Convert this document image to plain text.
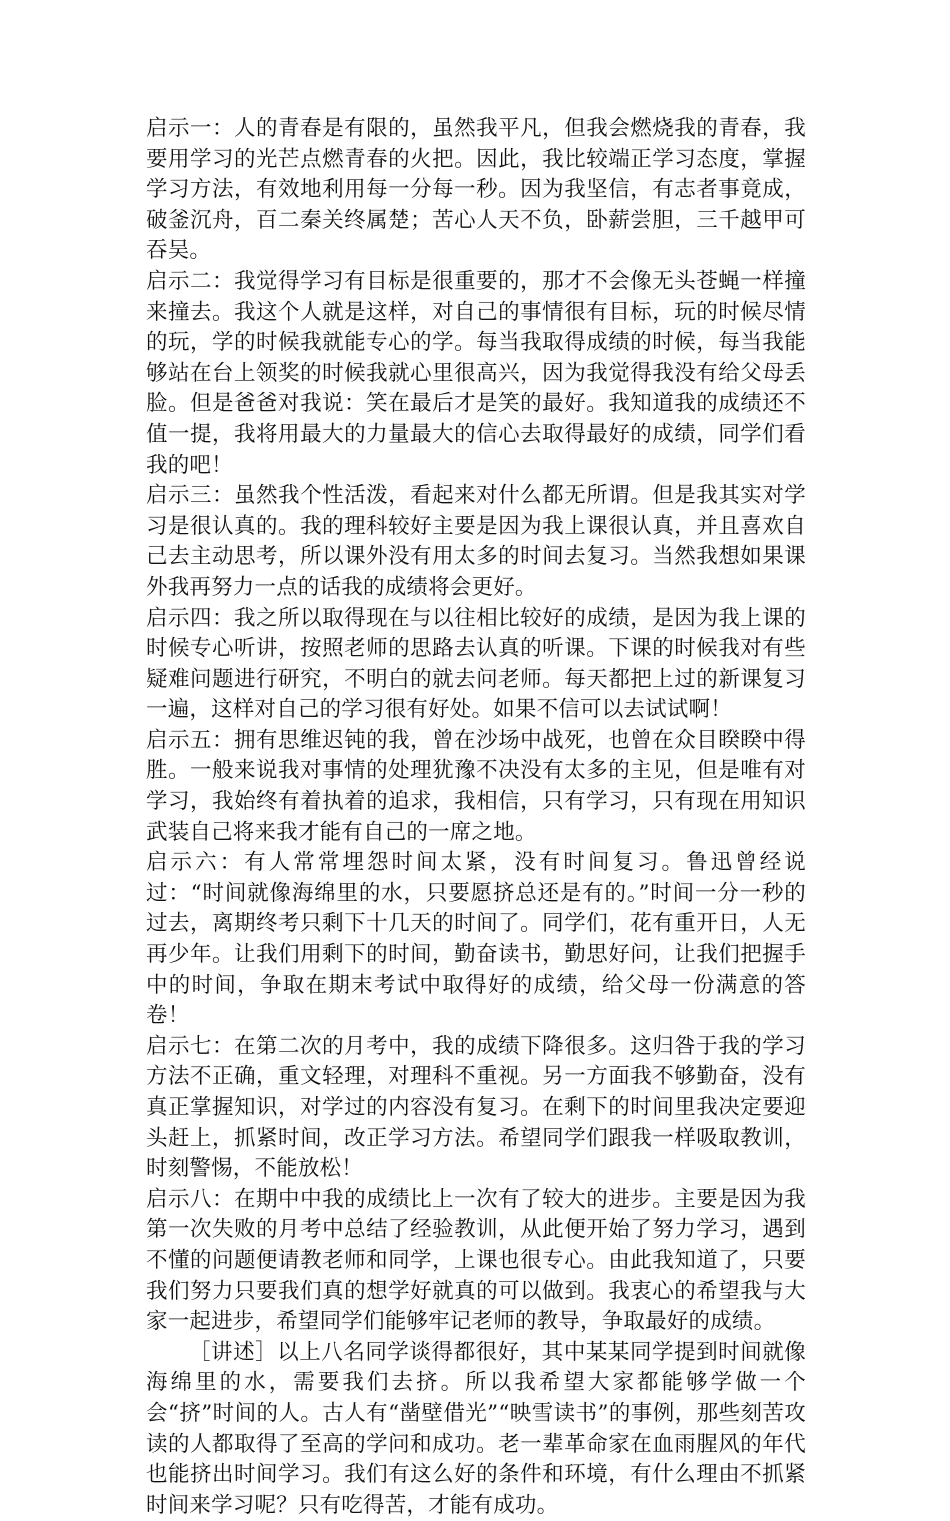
启示一：人的青春是有限的，虽然我平凡，但我会燃烧我的青春，我要用学习的光芒点燃青春的火把。因此，我比较端正学习态度，掌握学习方法，有效地利用每一分每一秒。因为我坚信，有志者事竟成，破釜沉舟，百二秦关终属楚；苦心人天不负，卧薪尝胆，三千越甲可吞吴。

启示二：我觉得学习有目标是很重要的，那才不会像无头苍蝇一样撞来撞去。我这个人就是这样，对自己的事情很有目标，玩的时候尽情的玩，学的时候我就能专心的学。每当我取得成绩的时候，每当我能够站在台上领奖的时候我就心里很高兴，因为我觉得我没有给父母丢脸。但是爸爸对我说：笑在最后才是笑的最好。我知道我的成绩还不值一提，我将用最大的力量最大的信心去取得最好的成绩，同学们看我的吧！

启示三：虽然我个性活泼，看起来对什么都无所谓。但是我其实对学习是很认真的。我的理科较好主要是因为我上课很认真，并且喜欢自己去主动思考，所以课外没有用太多的时间去复习。当然我想如果课外我再努力一点的话我的成绩将会更好。

启示四：我之所以取得现在与以往相比较好的成绩，是因为我上课的时候专心听讲，按照老师的思路去认真的听课。下课的时候我对有些疑难问题进行研究，不明白的就去问老师。每天都把上过的新课复习一遍，这样对自己的学习很有好处。如果不信可以去试试啊！

启示五：拥有思维迟钝的我，曾在沙场中战死，也曾在众目睽睽中得胜。一般来说我对事情的处理犹豫不决没有太多的主见，但是唯有对学习，我始终有着执着的追求，我相信，只有学习，只有现在用知识武装自己将来我才能有自己的一席之地。

启示六：有人常常埋怨时间太紧，没有时间复习。鲁迅曾经说过：“时间就像海绵里的水，只要愿挤总还是有的。”时间一分一秒的过去，离期终考只剩下十几天的时间了。同学们，花有重开日，人无再少年。让我们用剩下的时间，勤奋读书，勤思好问，让我们把握手中的时间，争取在期末考试中取得好的成绩，给父母一份满意的答卷！

启示七：在第二次的月考中，我的成绩下降很多。这归咎于我的学习方法不正确，重文轻理，对理科不重视。另一方面我不够勤奋，没有真正掌握知识，对学过的内容没有复习。在剩下的时间里我决定要迎头赶上，抓紧时间，改正学习方法。希望同学们跟我一样吸取教训，时刻警惕，不能放松！

启示八：在期中中我的成绩比上一次有了较大的进步。主要是因为我第一次失败的月考中总结了经验教训，从此便开始了努力学习，遇到不懂的问题便请教老师和同学，上课也很专心。由此我知道了，只要我们努力只要我们真的想学好就真的可以做到。我衷心的希望我与大家一起进步，希望同学们能够牢记老师的教导，争取最好的成绩。

［讲述］以上八名同学谈得都很好，其中某某同学提到时间就像海绵里的水，需要我们去挤。所以我希望大家都能够学做一个会“挤”时间的人。古人有“凿壁借光”“映雪读书”的事例，那些刻苦攻读的人都取得了至高的学问和成功。老一辈革命家在血雨腥风的年代也能挤出时间学习。我们有这么好的条件和环境，有什么理由不抓紧时间来学习呢？只有吃得苦，才能有成功。
